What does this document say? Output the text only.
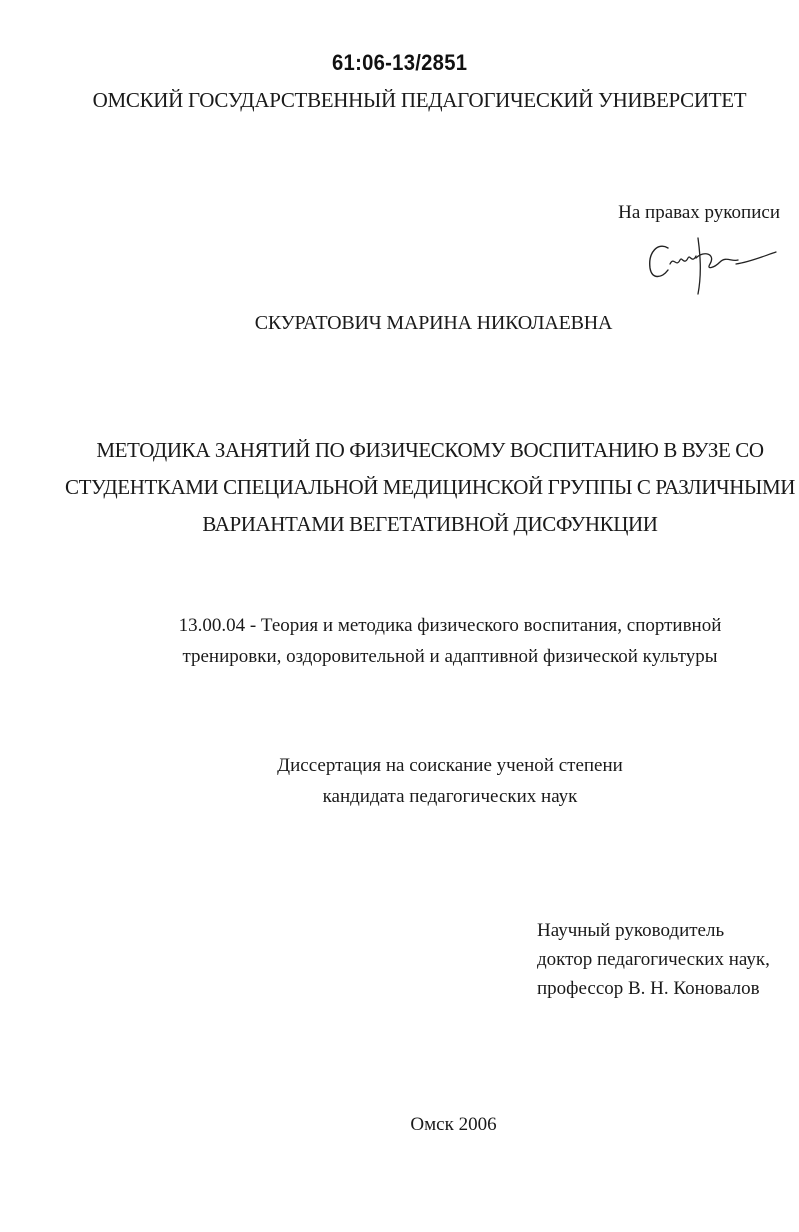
61:06-13/2851
ОМСКИЙ ГОСУДАРСТВЕННЫЙ ПЕДАГОГИЧЕСКИЙ УНИВЕРСИТЕТ
На правах рукописи
СКУРАТОВИЧ МАРИНА НИКОЛАЕВНА
МЕТОДИКА ЗАНЯТИЙ ПО ФИЗИЧЕСКОМУ ВОСПИТАНИЮ В ВУЗЕ СО
СТУДЕНТКАМИ СПЕЦИАЛЬНОЙ МЕДИЦИНСКОЙ ГРУППЫ С РАЗЛИЧНЫМИ
ВАРИАНТАМИ ВЕГЕТАТИВНОЙ ДИСФУНКЦИИ
13.00.04 - Теория и методика физического воспитания, спортивной
тренировки, оздоровительной и адаптивной физической культуры
Диссертация на соискание ученой степени
кандидата педагогических наук
Научный руководитель
доктор педагогических наук,
профессор В. Н. Коновалов
Омск 2006
